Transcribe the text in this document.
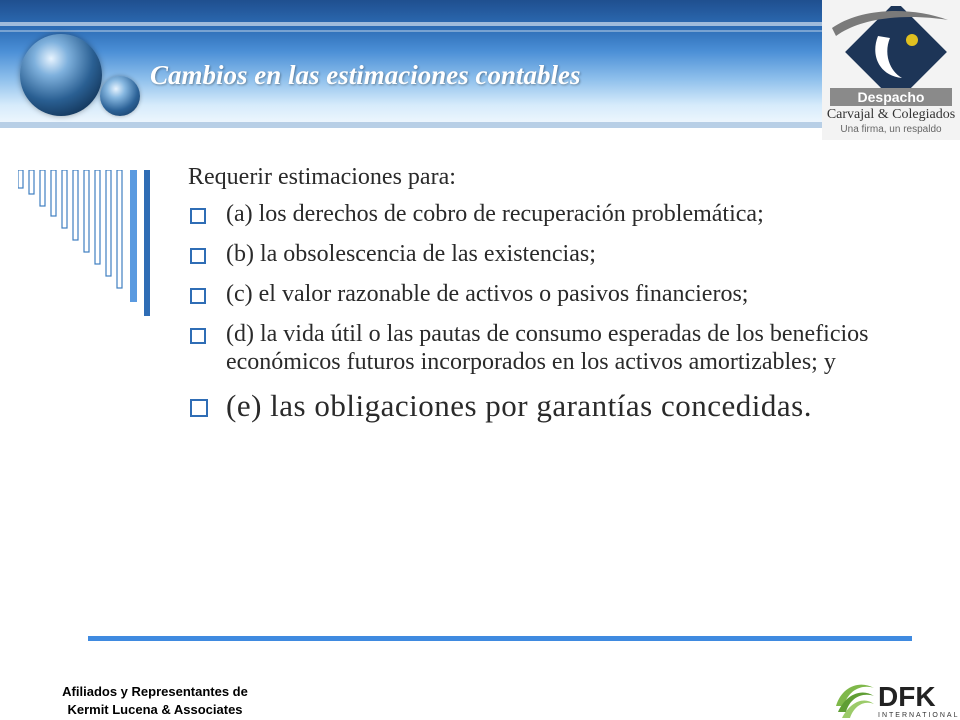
Cambios en las estimaciones contables
Despacho
Carvajal & Colegiados
Una firma, un respaldo
Requerir estimaciones para:
(a) los derechos de cobro de recuperación problemática;
(b) la obsolescencia de las existencias;
(c) el valor razonable de activos o pasivos financieros;
(d) la vida útil o las pautas de consumo esperadas de los beneficios económicos futuros incorporados en los activos amortizables; y
(e) las obligaciones por garantías concedidas.
Afiliados y Representantes de
Kermit Lucena & Associates	DFK
INTERNATIONAL
